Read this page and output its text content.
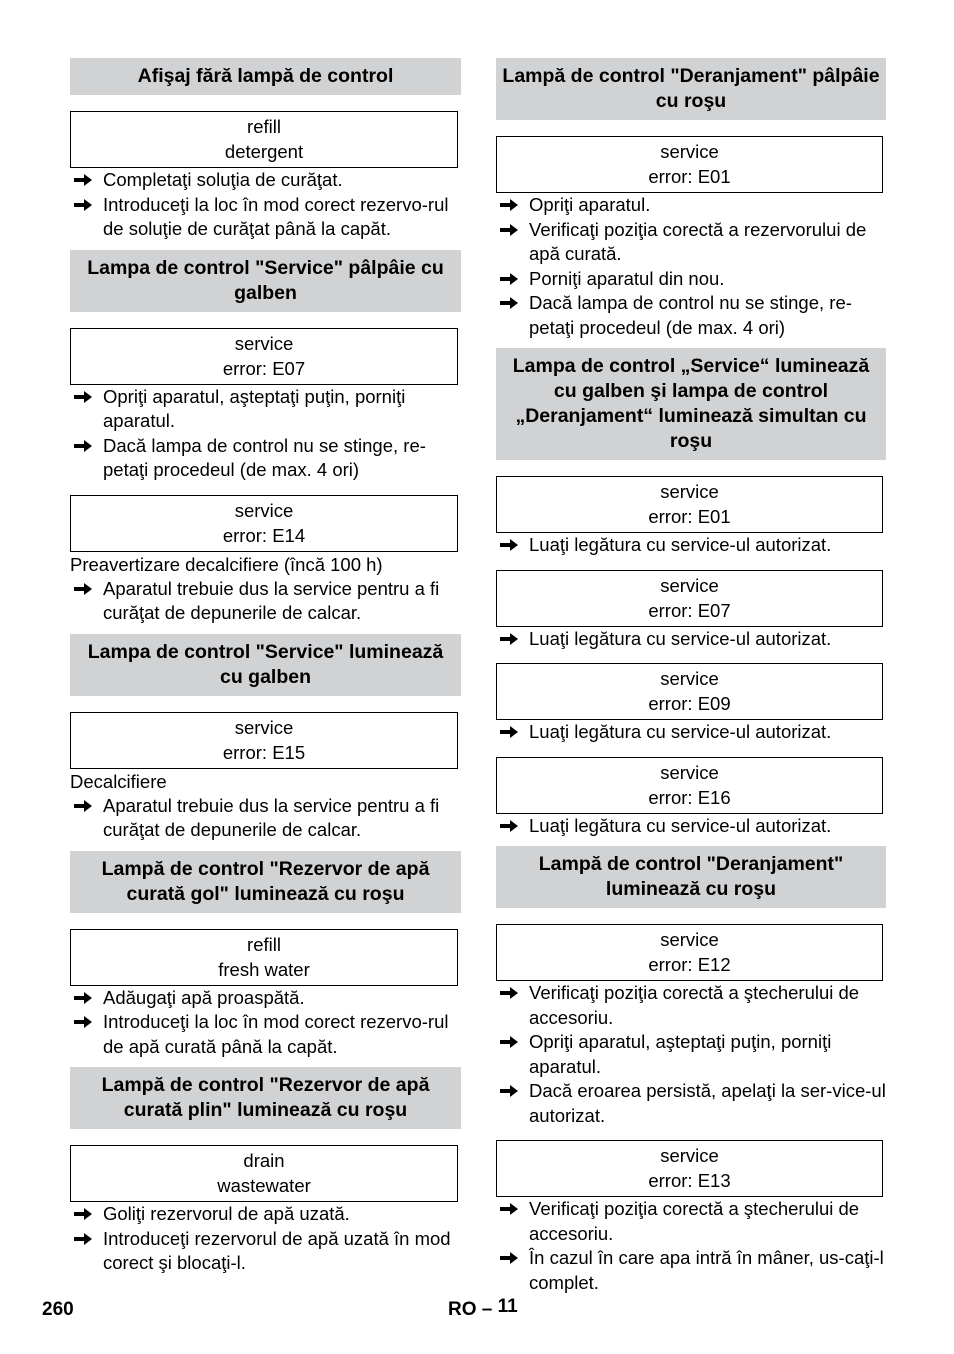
Afişaj fără lampă de control
refill
detergent
Completaţi soluţia de curăţat.
Introduceţi la loc în mod corect rezervo-rul de soluţie de curăţat până la capăt.
Lampa de control "Service" pâlpâie cu galben
service
error: E07
Opriţi aparatul, aşteptaţi puţin, porniţi aparatul.
Dacă lampa de control nu se stinge, re-petaţi procedeul (de max. 4 ori)
service
error: E14

Preavertizare decalcifiere (încă 100 h)

Aparatul trebuie dus la service pentru a fi curăţat de depunerile de calcar.
Lampa de control "Service" luminează cu galben
service
error: E15

Decalcifiere

Aparatul trebuie dus la service pentru a fi curăţat de depunerile de calcar.
Lampă de control "Rezervor de apă curată gol" luminează cu roşu
refill
fresh water
Adăugaţi apă proaspătă.
Introduceţi la loc în mod corect rezervo-rul de apă curată până la capăt.
Lampă de control "Rezervor de apă curată plin" luminează cu roşu
drain
wastewater
Goliţi rezervorul de apă uzată.
Introduceţi rezervorul de apă uzată în mod corect şi blocaţi-l.
Lampă de control "Deranjament" pâlpâie cu roşu
service
error: E01
Opriţi aparatul.
Verificaţi poziţia corectă a rezervorului de apă curată.
Porniţi aparatul din nou.
Dacă lampa de control nu se stinge, re-petaţi procedeul (de max. 4 ori)
Lampa de control „Service“ luminează cu galben şi lampa de control „Deranjament“ luminează simultan cu roşu
service
error: E01
Luaţi legătura cu service-ul autorizat.
service
error: E07
Luaţi legătura cu service-ul autorizat.
service
error: E09
Luaţi legătura cu service-ul autorizat.
service
error: E16
Luaţi legătura cu service-ul autorizat.
Lampă de control "Deranjament" luminează cu roşu
service
error: E12
Verificaţi poziţia corectă a ştecherului de accesoriu.
Opriţi aparatul, aşteptaţi puţin, porniţi aparatul.
Dacă eroarea persistă, apelaţi la ser-vice-ul autorizat.
service
error: E13
Verificaţi poziţia corectă a ştecherului de accesoriu.
În cazul în care apa intră în mâner, us-caţi-l complet.
260	RO – 11
